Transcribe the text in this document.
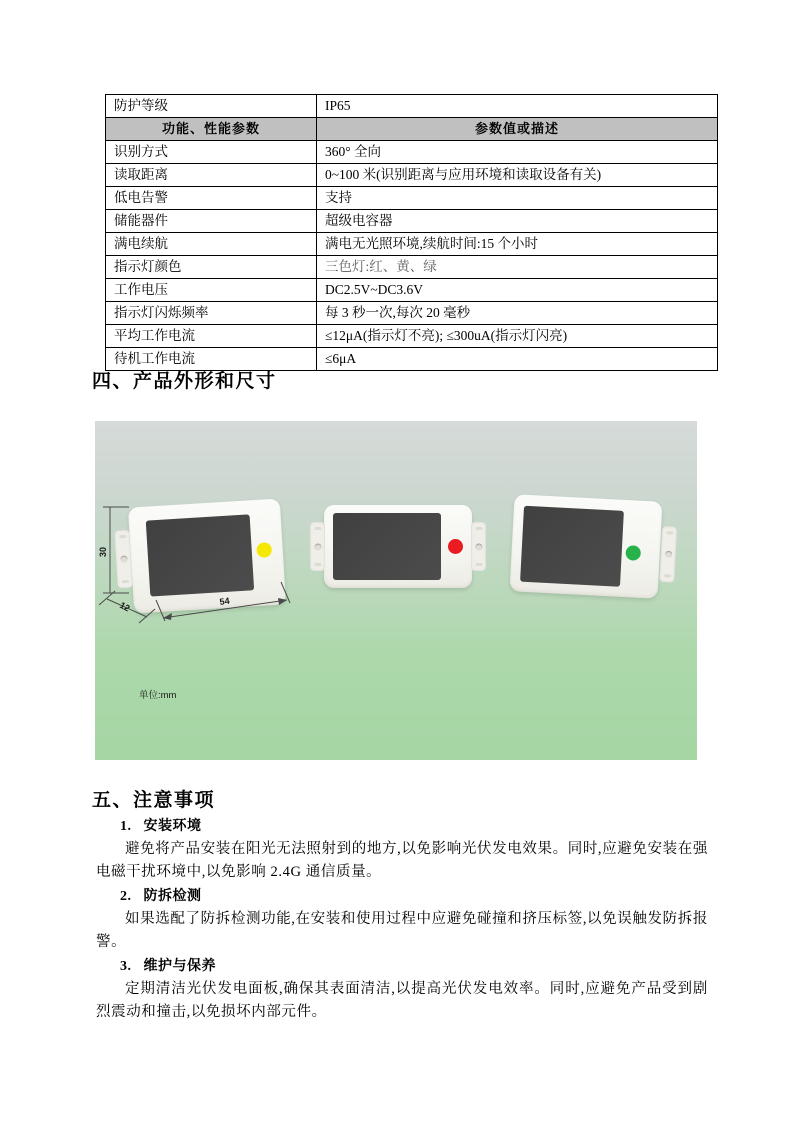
防护等级	IP65
功能、性能参数	参数值或描述
识别方式	360° 全向
读取距离	0~100 米(识别距离与应用环境和读取设备有关)
低电告警	支持
储能器件	超级电容器
满电续航	满电无光照环境,续航时间:15 个小时
指示灯颜色	三色灯:红、黄、绿
工作电压	DC2.5V~DC3.6V
指示灯闪烁频率	每 3 秒一次,每次 20 毫秒
平均工作电流	≤12μA(指示灯不亮); ≤300uA(指示灯闪亮)
待机工作电流	≤6μA
四、产品外形和尺寸
30
12	54
单位:mm
五、注意事项
1. 安装环境

避免将产品安装在阳光无法照射到的地方,以免影响光伏发电效果。同时,应避免安装在强电磁干扰环境中,以免影响 2.4G 通信质量。

2. 防拆检测

如果选配了防拆检测功能,在安装和使用过程中应避免碰撞和挤压标签,以免误触发防拆报警。

3. 维护与保养

定期清洁光伏发电面板,确保其表面清洁,以提高光伏发电效率。同时,应避免产品受到剧烈震动和撞击,以免损坏内部元件。
